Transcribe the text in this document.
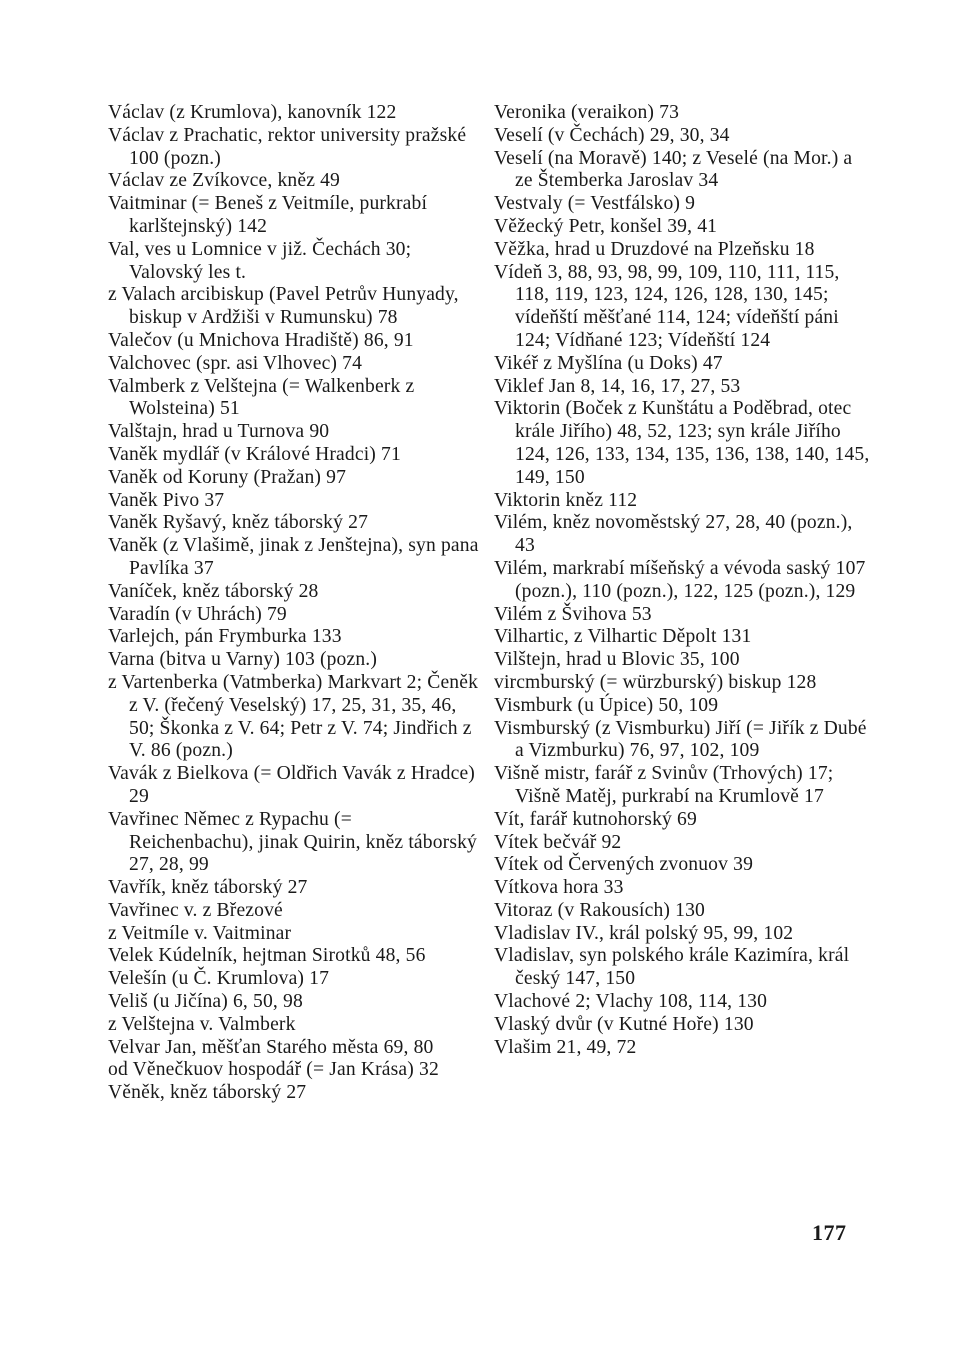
Václav (z Krumlova), kanovník 122

Václav z Prachatic, rektor university pražské 100 (pozn.)

Václav ze Zvíkovce, kněz 49

Vaitminar (= Beneš z Veitmíle, purkrabí karlštejnský) 142

Val, ves u Lomnice v již. Čechách 30; Valovský les t.

z Valach arcibiskup (Pavel Petrův Hunyady, biskup v Ardžiši v Rumunsku) 78

Valečov (u Mnichova Hradiště) 86, 91

Valchovec (spr. asi Vlhovec) 74

Valmberk z Velštejna (= Walkenberk z Wolsteina) 51

Valštajn, hrad u Turnova 90

Vaněk mydlář (v Králové Hradci) 71

Vaněk od Koruny (Pražan) 97

Vaněk Pivo 37

Vaněk Ryšavý, kněz táborský 27

Vaněk (z Vlašimě, jinak z Jenštejna), syn pana Pavlíka 37

Vaníček, kněz táborský 28

Varadín (v Uhrách) 79

Varlejch, pán Frymburka 133

Varna (bitva u Varny) 103 (pozn.)

z Vartenberka (Vatmberka) Markvart 2; Čeněk z V. (řečený Veselský) 17, 25, 31, 35, 46, 50; Škonka z V. 64; Petr z V. 74; Jindřich z V. 86 (pozn.)

Vavák z Bielkova (= Oldřich Vavák z Hradce) 29

Vavřinec Němec z Rypachu (= Reichenbachu), jinak Quirin, kněz táborský 27, 28, 99

Vavřík, kněz táborský 27

Vavřinec v. z Březové

z Veitmíle v. Vaitminar

Velek Kúdelník, hejtman Sirotků 48, 56

Velešín (u Č. Krumlova) 17

Veliš (u Jičína) 6, 50, 98

z Velštejna v. Valmberk

Velvar Jan, měšťan Starého města 69, 80

od Věnečkuov hospodář (= Jan Krása) 32

Věněk, kněz táborský 27

Veronika (veraikon) 73

Veselí (v Čechách) 29, 30, 34

Veselí (na Moravě) 140; z Veselé (na Mor.) a ze Štemberka Jaroslav 34

Vestvaly (= Vestfálsko) 9

Věžecký Petr, konšel 39, 41

Věžka, hrad u Druzdové na Plzeňsku 18

Vídeň 3, 88, 93, 98, 99, 109, 110, 111, 115, 118, 119, 123, 124, 126, 128, 130, 145; vídeňští měšťané 114, 124; vídeňští páni 124; Vídňané 123; Vídeňští 124

Vikéř z Myšlína (u Doks) 47

Viklef Jan 8, 14, 16, 17, 27, 53

Viktorin (Boček z Kunštátu a Poděbrad, otec krále Jiřího) 48, 52, 123; syn krále Jiřího 124, 126, 133, 134, 135, 136, 138, 140, 145, 149, 150

Viktorin kněz 112

Vilém, kněz novoměstský 27, 28, 40 (pozn.), 43

Vilém, markrabí míšeňský a vévoda saský 107 (pozn.), 110 (pozn.), 122, 125 (pozn.), 129

Vilém z Švihova 53

Vilhartic, z Vilhartic Děpolt 131

Vilštejn, hrad u Blovic 35, 100

vircmburský (= würzburský) biskup 128

Vismburk (u Úpice) 50, 109

Vismburský (z Vismburku) Jiří (= Jiřík z Dubé a Vizmburku) 76, 97, 102, 109

Višně mistr, farář z Svinův (Trhových) 17; Višně Matěj, purkrabí na Krumlově 17

Vít, farář kutnohorský 69

Vítek bečvář 92

Vítek od Červených zvonuov 39

Vítkova hora 33

Vitoraz (v Rakousích) 130

Vladislav IV., král polský 95, 99, 102

Vladislav, syn polského krále Kazimíra, král český 147, 150

Vlachové 2; Vlachy 108, 114, 130

Vlaský dvůr (v Kutné Hoře) 130

Vlašim 21, 49, 72

177
